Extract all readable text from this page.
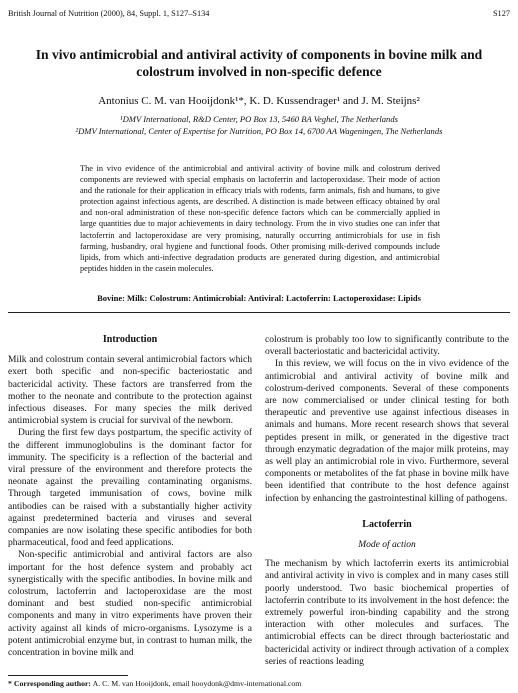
British Journal of Nutrition (2000), 84, Suppl. 1, S127–S134	S127
In vivo antimicrobial and antiviral activity of components in bovine milk and colostrum involved in non-specific defence
Antonius C. M. van Hooijdonk¹*, K. D. Kussendrager¹ and J. M. Steijns²
¹DMV International, R&D Center, PO Box 13, 5460 BA Veghel, The Netherlands
²DMV International, Center of Expertise for Nutrition, PO Box 14, 6700 AA Wageningen, The Netherlands
The in vivo evidence of the antimicrobial and antiviral activity of bovine milk and colostrum derived components are reviewed with special emphasis on lactoferrin and lactoperoxidase. Their mode of action and the rationale for their application in efficacy trials with rodents, farm animals, fish and humans, to give protection against infectious agents, are described. A distinction is made between efficacy obtained by oral and non-oral administration of these non-specific defence factors which can be commercially applied in large quantities due to major achievements in dairy technology. From the in vivo studies one can infer that lactoferrin and lactoperoxidase are very promising, naturally occurring antimicrobials for use in fish farming, husbandry, oral hygiene and functional foods. Other promising milk-derived compounds include lipids, from which anti-infective degradation products are generated during digestion, and antimicrobial peptides hidden in the casein molecules.
Bovine: Milk: Colostrum: Antimicrobial: Antiviral: Lactoferrin: Lactoperoxidase: Lipids
Introduction

Milk and colostrum contain several antimicrobial factors which exert both specific and non-specific bacteriostatic and bactericidal activity. These factors are transferred from the mother to the neonate and contribute to the protection against infectious diseases. For many species the milk derived antimicrobial system is crucial for survival of the newborn.

During the first few days postpartum, the specific activity of the different immunoglobulins is the dominant factor for immunity. The specificity is a reflection of the bacterial and viral pressure of the environment and therefore protects the neonate against the prevailing contaminating organisms. Through targeted immunisation of cows, bovine milk antibodies can be raised with a substantially higher activity against predetermined bacteria and viruses and several companies are now isolating these specific antibodies for both pharmaceutical, food and feed applications.

Non-specific antimicrobial and antiviral factors are also important for the host defence system and probably act synergistically with the specific antibodies. In bovine milk and colostrum, lactoferrin and lactoperoxidase are the most dominant and best studied non-specific antimicrobial components and many in vitro experiments have proven their activity against all kinds of micro-organisms. Lysozyme is a potent antimicrobial enzyme but, in contrast to human milk, the concentration in bovine milk and

colostrum is probably too low to significantly contribute to the overall bacteriostatic and bactericidal activity.

In this review, we will focus on the in vivo evidence of the antimicrobial and antiviral activity of bovine milk and colostrum-derived components. Several of these components are now commercialised or under clinical testing for both therapeutic and preventive use against infectious diseases in animals and humans. More recent research shows that several peptides present in milk, or generated in the digestive tract through enzymatic degradation of the major milk proteins, may as well play an antimicrobial role in vivo. Furthermore, several components or metabolites of the fat phase in bovine milk have been identified that contribute to the host defence against infection by enhancing the gastrointestinal killing of pathogens.

Lactoferrin
Mode of action

The mechanism by which lactoferrin exerts its antimicrobial and antiviral activity in vivo is complex and in many cases still poorly understood. Two basic biochemical properties of lactoferrin contribute to its involvement in the host defence: the extremely powerful iron-binding capability and the strong interaction with other molecules and surfaces. The antimicrobial effects can be direct through bacteriostatic and bactericidal activity or indirect through activation of a complex series of reactions leading

* Corresponding author: A. C. M. van Hooijdonk, email hooydonk@dmv-international.com
